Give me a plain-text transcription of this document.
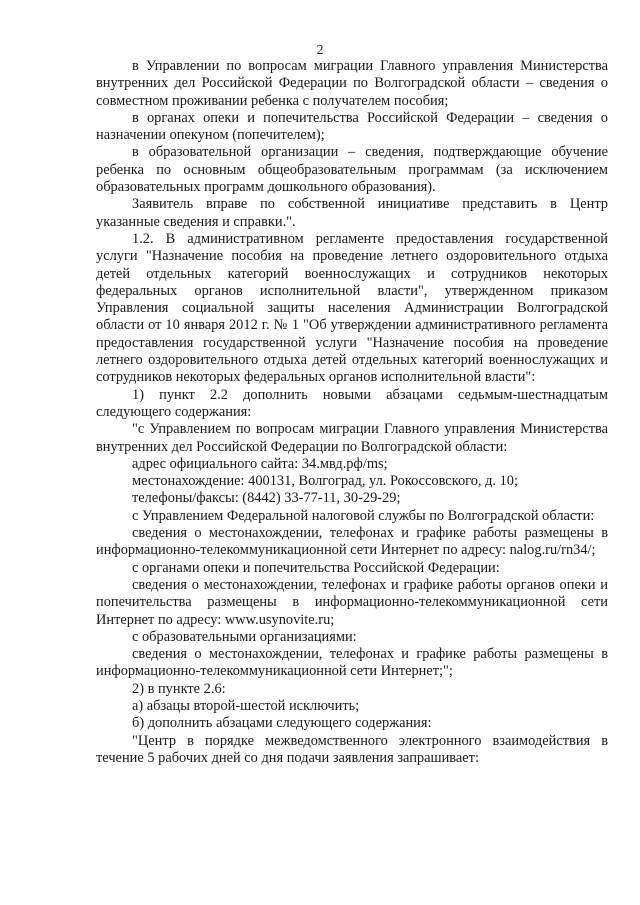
2

в Управлении по вопросам миграции Главного управления Министерства внутренних дел Российской Федерации по Волгоградской области – сведения о совместном проживании ребенка с получателем пособия;

в органах опеки и попечительства Российской Федерации – сведения о назначении опекуном (попечителем);

в образовательной организации – сведения, подтверждающие обучение ребенка по основным общеобразовательным программам (за исключением образовательных программ дошкольного образования).

Заявитель вправе по собственной инициативе представить в Центр указанные сведения и справки.".

1.2. В административном регламенте предоставления государственной услуги "Назначение пособия на проведение летнего оздоровительного отдыха детей отдельных категорий военнослужащих и сотрудников некоторых федеральных органов исполнительной власти", утвержденном приказом Управления социальной защиты населения Администрации Волгоградской области от 10 января 2012 г. № 1 "Об утверждении административного регламента предоставления государственной услуги "Назначение пособия на проведение летнего оздоровительного отдыха детей отдельных категорий военнослужащих и сотрудников некоторых федеральных органов исполнительной власти":

1) пункт 2.2 дополнить новыми абзацами седьмым-шестнадцатым следующего содержания:

"с Управлением по вопросам миграции Главного управления Министерства внутренних дел Российской Федерации по Волгоградской области:

адрес официального сайта: 34.мвд.рф/ms;

местонахождение: 400131, Волгоград, ул. Рокоссовского, д. 10;

телефоны/факсы: (8442) 33-77-11, 30-29-29;

с Управлением Федеральной налоговой службы по Волгоградской области:

сведения о местонахождении, телефонах и графике работы размещены в информационно-телекоммуникационной сети Интернет по адресу: nalog.ru/rn34/;

с органами опеки и попечительства Российской Федерации:

сведения о местонахождении, телефонах и графике работы органов опеки и попечительства размещены в информационно-телекоммуникационной сети Интернет по адресу: www.usynovite.ru;

с образовательными организациями:

сведения о местонахождении, телефонах и графике работы размещены в информационно-телекоммуникационной сети Интернет;";

2) в пункте 2.6:

а) абзацы второй-шестой исключить;

б) дополнить абзацами следующего содержания:

"Центр в порядке межведомственного электронного взаимодействия в течение 5 рабочих дней со дня подачи заявления запрашивает:
